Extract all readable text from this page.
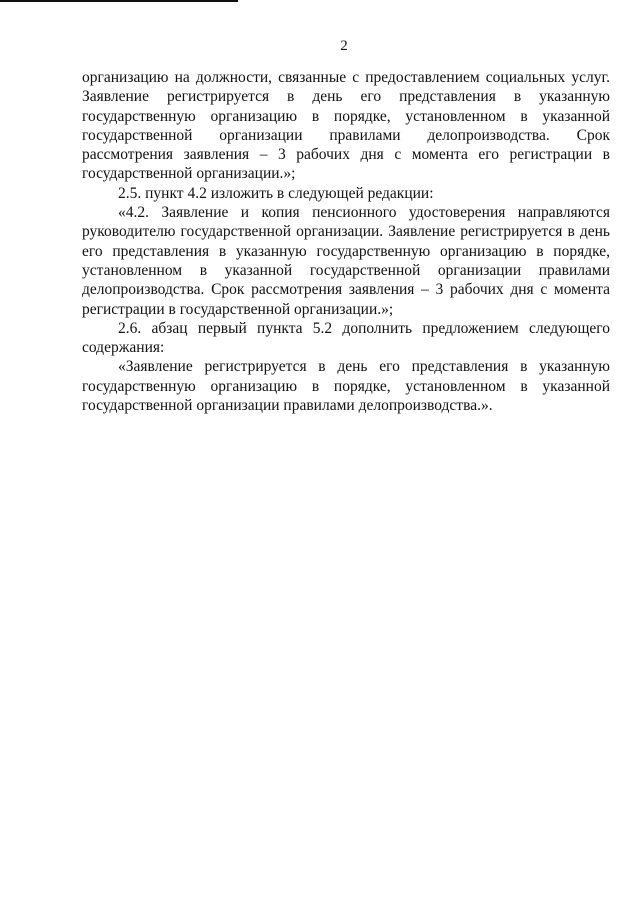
2

организацию на должности, связанные с предоставлением социальных услуг. Заявление регистрируется в день его представления в указанную государственную организацию в порядке, установленном в указанной государственной организации правилами делопроизводства. Срок рассмотрения заявления – 3 рабочих дня с момента его регистрации в государственной организации.»;

2.5. пункт 4.2 изложить в следующей редакции:

«4.2. Заявление и копия пенсионного удостоверения направляются руководителю государственной организации. Заявление регистрируется в день его представления в указанную государственную организацию в порядке, установленном в указанной государственной организации правилами делопроизводства. Срок рассмотрения заявления – 3 рабочих дня с момента регистрации в государственной организации.»;

2.6. абзац первый пункта 5.2 дополнить предложением следующего содержания:

«Заявление регистрируется в день его представления в указанную государственную организацию в порядке, установленном в указанной государственной организации правилами делопроизводства.».
